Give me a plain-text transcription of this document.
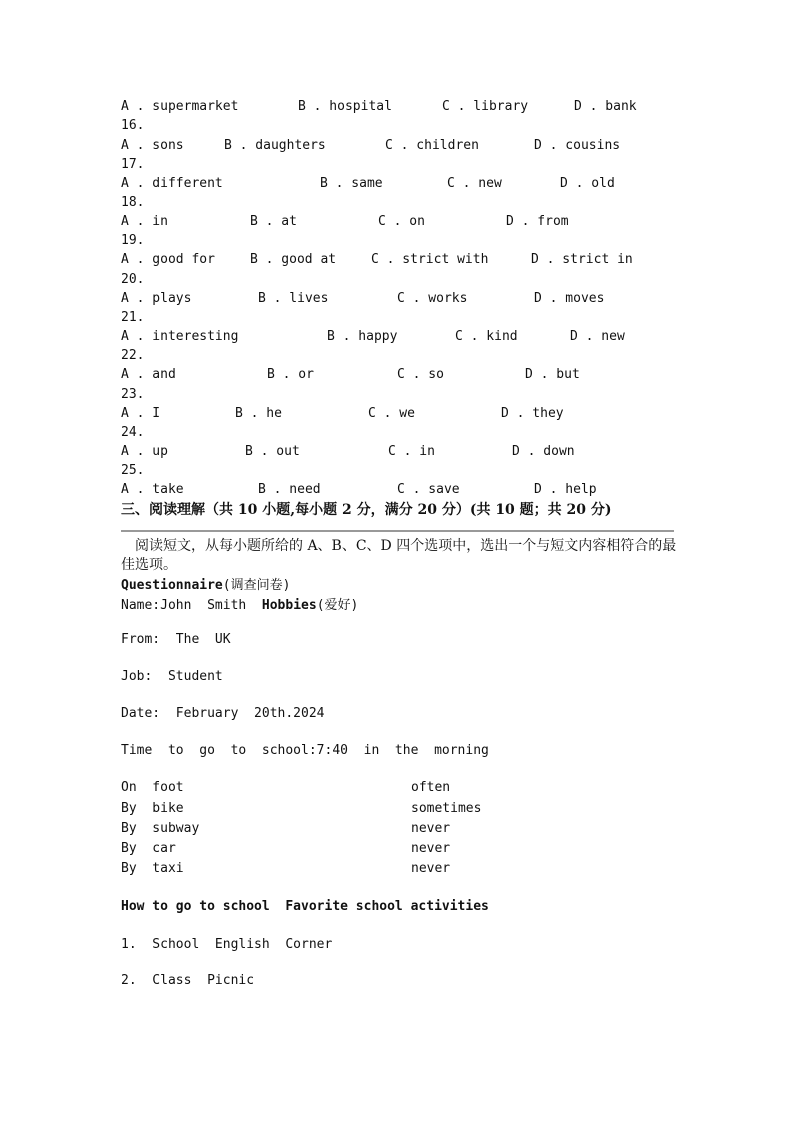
A . supermarket	B . hospital	C . library	D . bank
16.
A . sons	B . daughters	C . children	D . cousins
17.
A . different	B . same	C . new	D . old
18.
A . in	B . at	C . on	D . from
19.
A . good for	B . good at	C . strict with	D . strict in
20.
A . plays	B . lives	C . works	D . moves
21.
A . interesting	B . happy	C . kind	D . new
22.
A . and	B . or	C . so	D . but
23.
A . I	B . he	C . we	D . they
24.
A . up	B . out	C . in	D . down
25.
A . take	B . need	C . save	D . help
三、阅读理解（共 10 小题,每小题 2 分，满分 20 分）(共 10 题；共 20 分)
阅读短文，从每小题所给的 A、B、C、D 四个选项中，选出一个与短文内容相符合的最佳选项。
Questionnaire(调查问卷)
Name:John  Smith  Hobbies(爱好)
From:  The  UK
Job:  Student
Date:  February  20th.2024
Time  to  go  to  school:7:40  in  the  morning
On  foot	often
By  bike	sometimes
By  subway	never
By  car	never
By  taxi	never
How to go to school  Favorite school activities
1.  School  English  Corner
2.  Class  Picnic
